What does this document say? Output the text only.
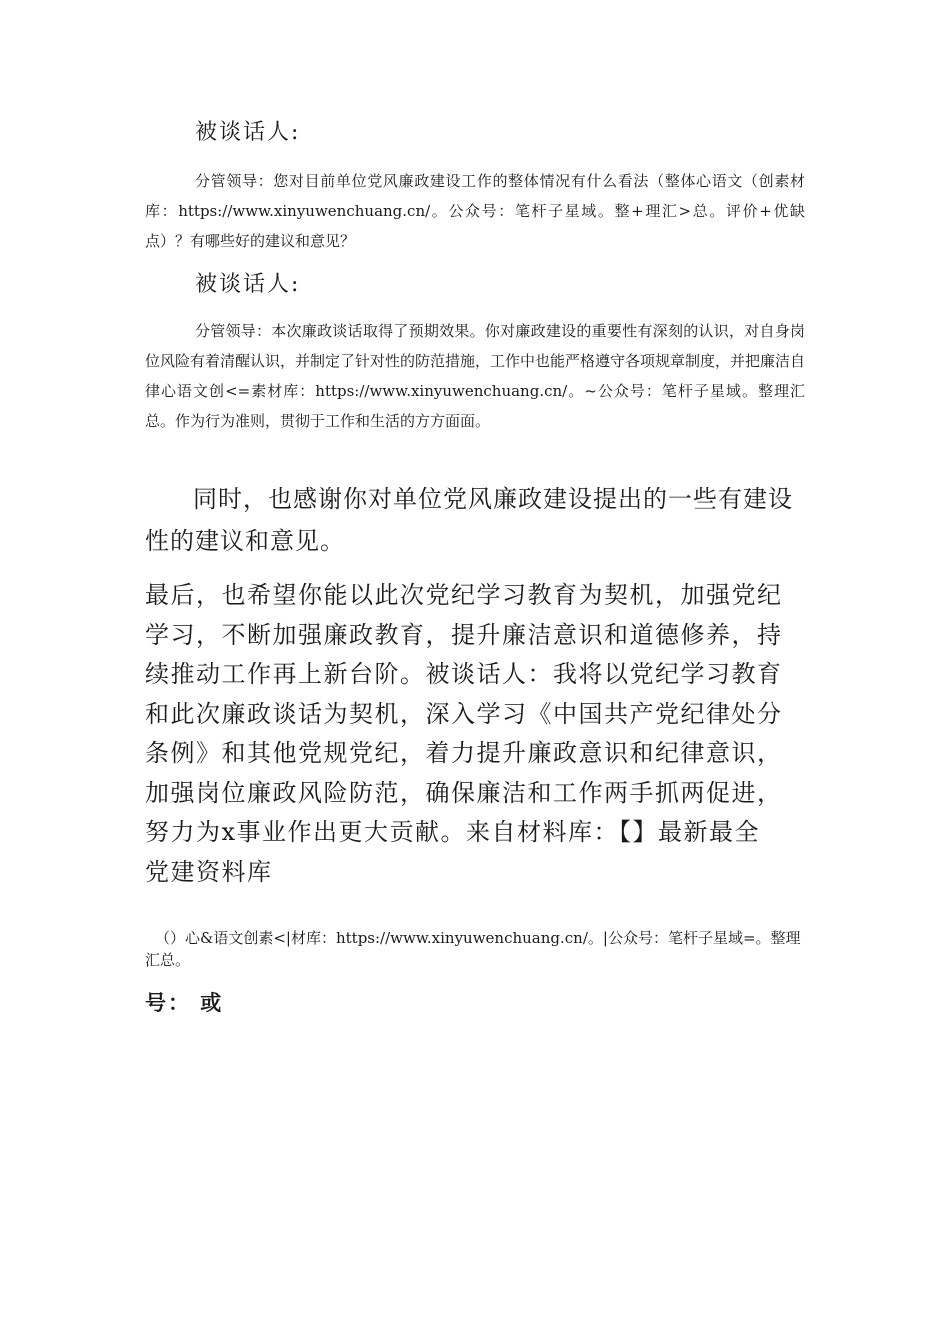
被谈话人:

分管领导：您对目前单位党风廉政建设工作的整体情况有什么看法（整体心语文（创素材库：https://www.xinyuwenchuang.cn/。公众号：笔杆子星域。整+理汇>总。评价+优缺点）？有哪些好的建议和意见？

被谈话人:

分管领导：本次廉政谈话取得了预期效果。你对廉政建设的重要性有深刻的认识，对自身岗位风险有着清醒认识，并制定了针对性的防范措施，工作中也能严格遵守各项规章制度，并把廉洁自律心语文创<=素材库：https://www.xinyuwenchuang.cn/。~公众号：笔杆子星域。整理汇总。作为行为准则，贯彻于工作和生活的方方面面。

同时，也感谢你对单位党风廉政建设提出的一些有建设性的建议和意见。

最后，也希望你能以此次党纪学习教育为契机，加强党纪学习，不断加强廉政教育，提升廉洁意识和道德修养，持续推动工作再上新台阶。被谈话人：我将以党纪学习教育和此次廉政谈话为契机，深入学习《中国共产党纪律处分条例》和其他党规党纪，着力提升廉政意识和纪律意识，加强岗位廉政风险防范，确保廉洁和工作两手抓两促进，努力为x事业作出更大贡献。来自材料库：【】最新最全党建资料库

（）心&语文创素<|材库：https://www.xinyuwenchuang.cn/。|公众号：笔杆子星域=。整理汇总。

号： 或
